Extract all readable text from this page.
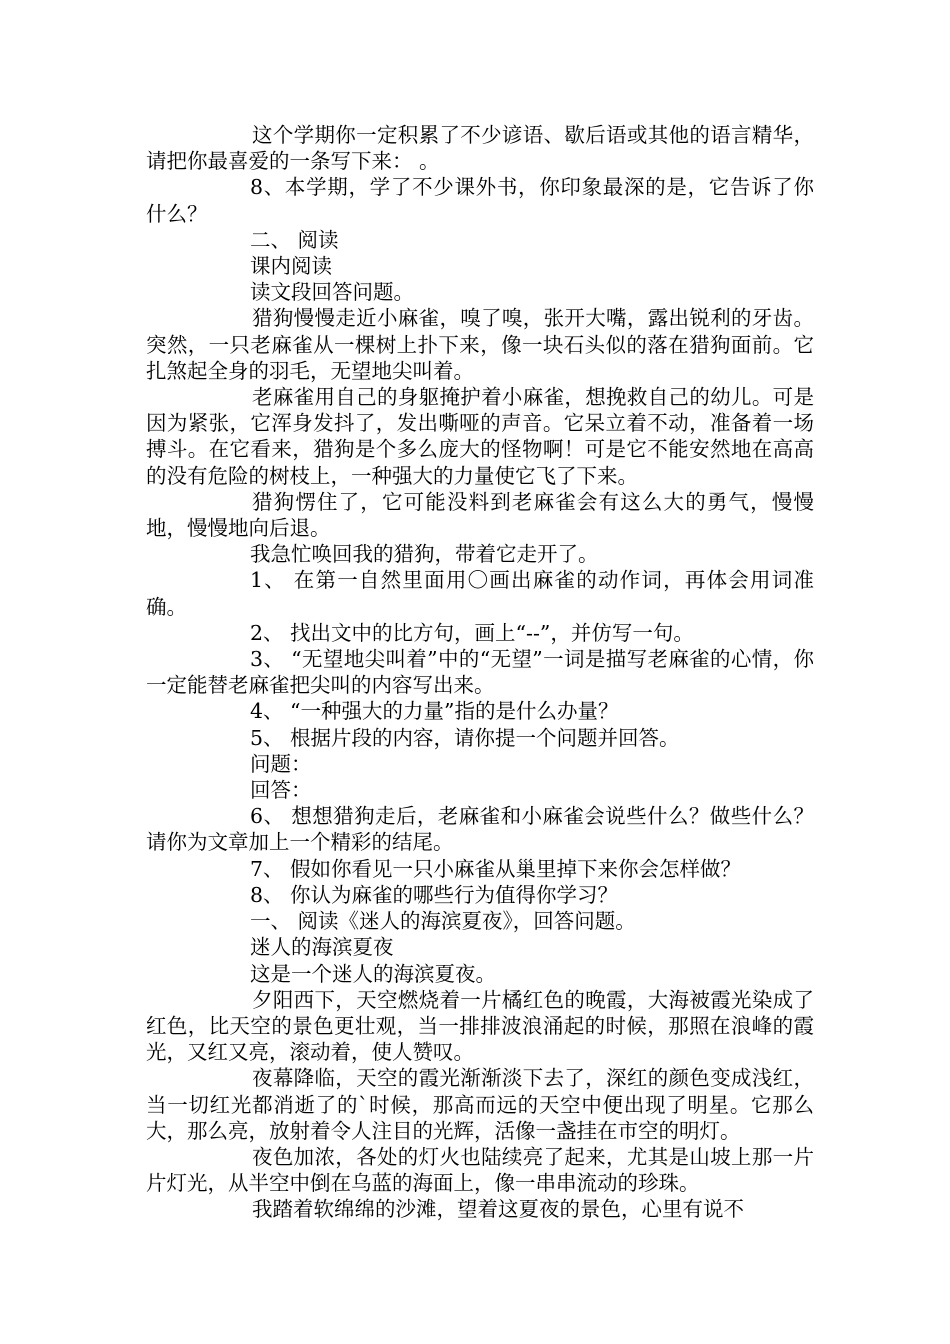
这个学期你一定积累了不少谚语、歇后语或其他的语言精华，请把你最喜爱的一条写下来： 。

8、本学期，学了不少课外书，你印象最深的是，它告诉了你什么？

二、 阅读

课内阅读

读文段回答问题。

猎狗慢慢走近小麻雀，嗅了嗅，张开大嘴，露出锐利的牙齿。突然，一只老麻雀从一棵树上扑下来，像一块石头似的落在猎狗面前。它扎煞起全身的羽毛，无望地尖叫着。

老麻雀用自己的身躯掩护着小麻雀，想挽救自己的幼儿。可是因为紧张，它浑身发抖了，发出嘶哑的声音。它呆立着不动，准备着一场搏斗。在它看来，猎狗是个多么庞大的怪物啊！可是它不能安然地在高高的没有危险的树枝上，一种强大的力量使它飞了下来。

猎狗愣住了，它可能没料到老麻雀会有这么大的勇气，慢慢地，慢慢地向后退。

我急忙唤回我的猎狗，带着它走开了。

1、 在第一自然里面用〇画出麻雀的动作词，再体会用词准确。

2、 找出文中的比方句，画上“--”，并仿写一句。

3、 “无望地尖叫着”中的“无望”一词是描写老麻雀的心情，你一定能替老麻雀把尖叫的内容写出来。

4、 “一种强大的力量”指的是什么办量？

5、 根据片段的内容，请你提一个问题并回答。

问题：

回答：

6、 想想猎狗走后，老麻雀和小麻雀会说些什么？做些什么？请你为文章加上一个精彩的结尾。

7、 假如你看见一只小麻雀从巢里掉下来你会怎样做？

8、 你认为麻雀的哪些行为值得你学习？

一、 阅读《迷人的海滨夏夜》，回答问题。

迷人的海滨夏夜

这是一个迷人的海滨夏夜。

夕阳西下，天空燃烧着一片橘红色的晚霞，大海被霞光染成了红色，比天空的景色更壮观，当一排排波浪涌起的时候，那照在浪峰的霞光，又红又亮，滚动着，使人赞叹。

夜幕降临，天空的霞光渐渐淡下去了，深红的颜色变成浅红，当一切红光都消逝了的`时候，那高而远的天空中便出现了明星。它那么大，那么亮，放射着令人注目的光辉，活像一盏挂在市空的明灯。

夜色加浓，各处的灯火也陆续亮了起来，尤其是山坡上那一片片灯光，从半空中倒在乌蓝的海面上，像一串串流动的珍珠。

我踏着软绵绵的沙滩，望着这夏夜的景色，心里有说不
